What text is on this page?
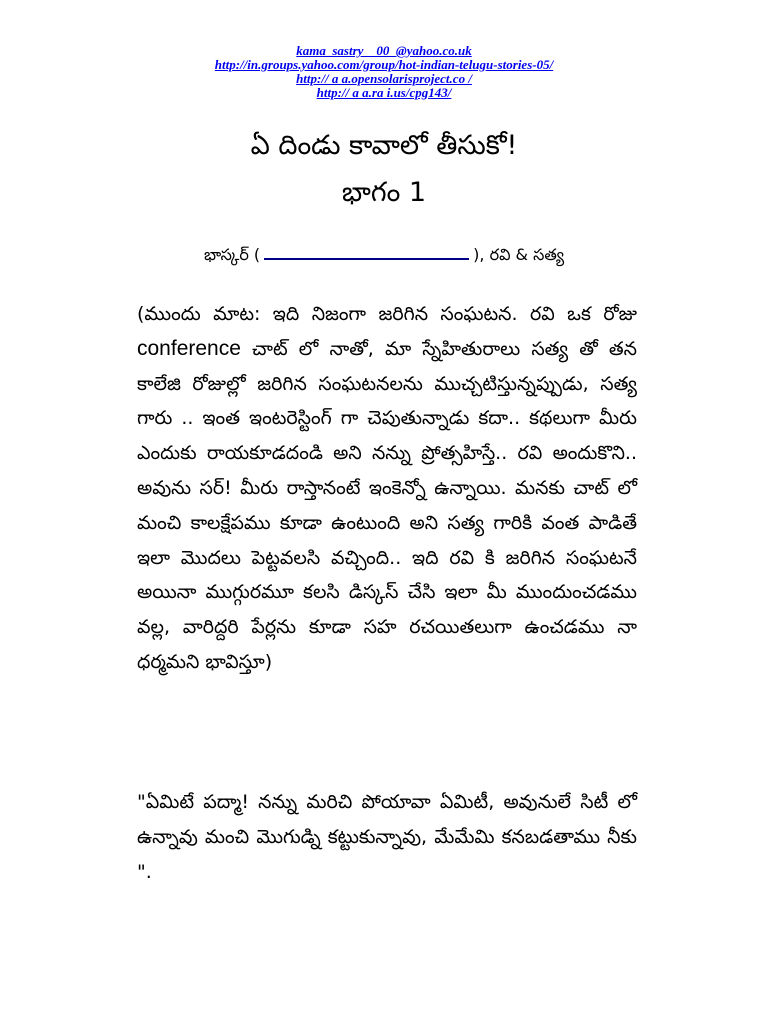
kama_sastry__00_@yahoo.co.uk
http://in.groups.yahoo.com/group/hot-indian-telugu-stories-05/
http:// a a.opensolarisproject.co /
http:// a a.ra i.us/cpg143/
ఏ దిండు కావాలో తీసుకో!
భాగం 1
భాస్కర్ (	), రవి & సత్య

(ముందు మాట: ఇది నిజంగా జరిగిన సంఘటన. రవి ఒక రోజు conference చాట్ లో నాతో, మా స్నేహితురాలు సత్య తో తన కాలేజి రోజుల్లో జరిగిన సంఘటనలను ముచ్చటిస్తున్నప్పుడు, సత్య గారు .. ఇంత ఇంటరెస్టింగ్ గా చెపుతున్నాడు కదా.. కథలుగా మీరు ఎందుకు రాయకూడదండి అని నన్ను ప్రోత్సహిస్తే.. రవి అందుకొని.. అవును సర్! మీరు రాస్తానంటే ఇంకెన్నో ఉన్నాయి. మనకు చాట్ లో మంచి కాలక్షేపము కూడా ఉంటుంది అని సత్య గారికి వంత పాడితే ఇలా మొదలు పెట్టవలసి వచ్చింది.. ఇది రవి కి జరిగిన సంఘటనే అయినా ముగ్గురమూ కలసి డిస్కస్ చేసి ఇలా మీ ముందుంచడము వల్ల, వారిద్దరి పేర్లను కూడా సహ రచయితలుగా ఉంచడము నా ధర్మమని భావిస్తూ)

"ఏమిటే పద్మా! నన్ను మరిచి పోయావా ఏమిటీ, అవునులే సిటీ లో ఉన్నావు మంచి మొగుడ్ని కట్టుకున్నావు, మేమేమి కనబడతాము నీకు ".
